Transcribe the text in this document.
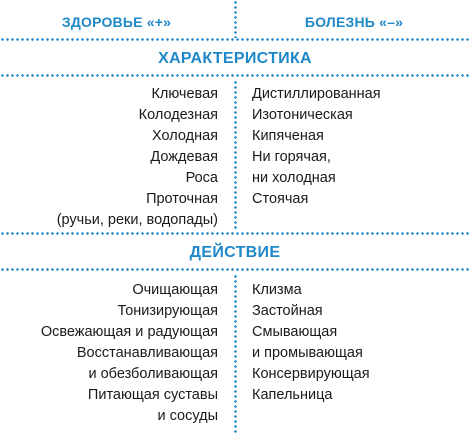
ЗДОРОВЬЕ «+»	БОЛЕЗНЬ «–»
ХАРАКТЕРИСТИКА
Ключевая
Колодезная
Холодная
Дождевая
Роса
Проточная
(ручьи, реки, водопады)
Дистиллированная
Изотоническая
Кипяченая
Ни горячая,
ни холодная
Стоячая
ДЕЙСТВИЕ
Очищающая
Тонизирующая
Освежающая и радующая
Восстанавливающая
и обезболивающая
Питающая суставы
и сосуды
Клизма
Застойная
Смывающая
и промывающая
Консервирующая
Капельница
